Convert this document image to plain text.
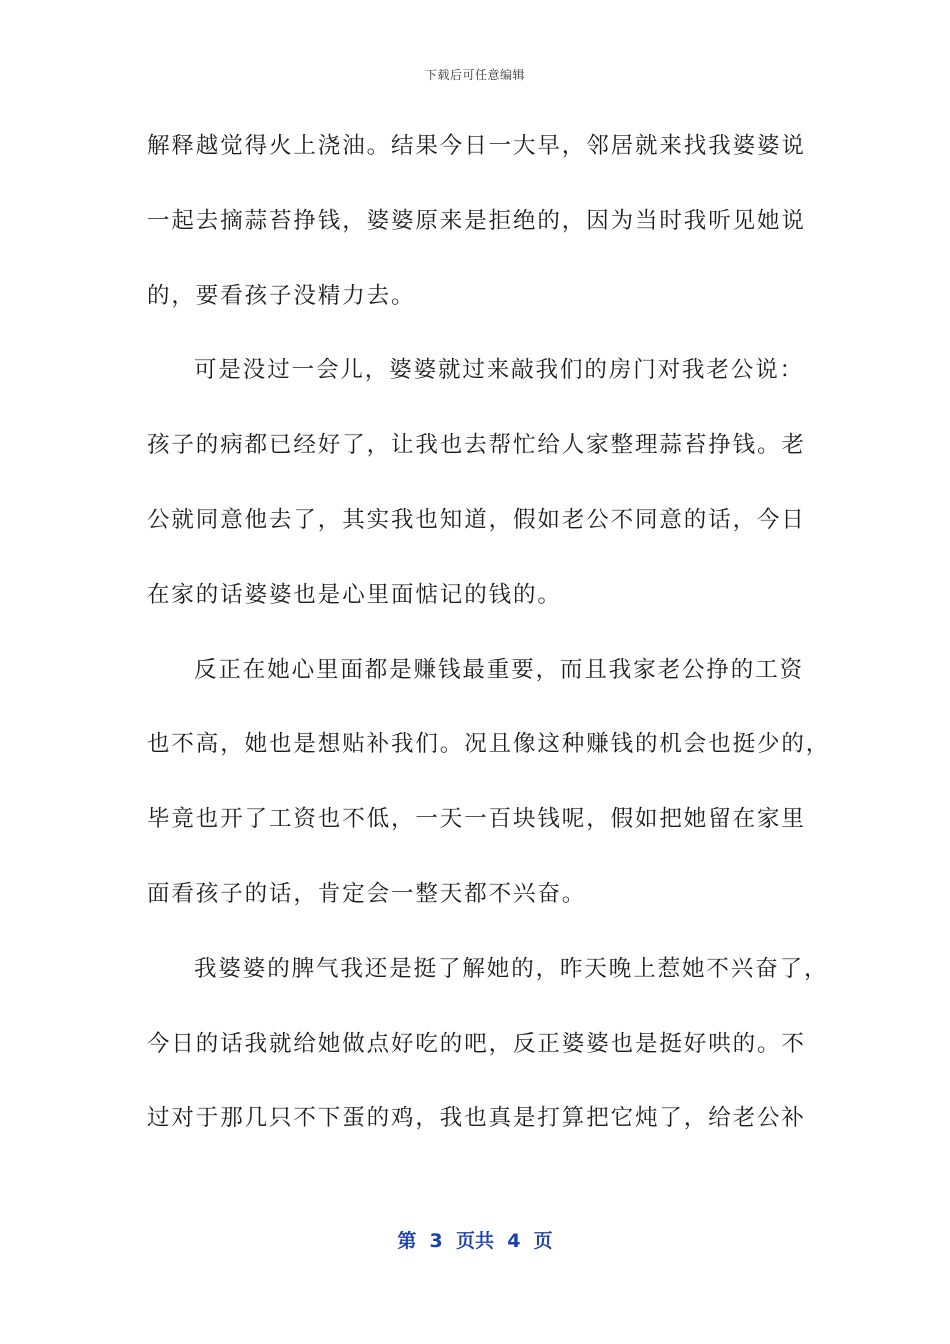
下载后可任意编辑
解释越觉得火上浇油。结果今日一大早，邻居就来找我婆婆说
一起去摘蒜苔挣钱，婆婆原来是拒绝的，因为当时我听见她说
的，要看孩子没精力去。
可是没过一会儿，婆婆就过来敲我们的房门对我老公说：
孩子的病都已经好了，让我也去帮忙给人家整理蒜苔挣钱。老
公就同意他去了，其实我也知道，假如老公不同意的话，今日
在家的话婆婆也是心里面惦记的钱的。
反正在她心里面都是赚钱最重要，而且我家老公挣的工资
也不高，她也是想贴补我们。况且像这种赚钱的机会也挺少的，
毕竟也开了工资也不低，一天一百块钱呢，假如把她留在家里
面看孩子的话，肯定会一整天都不兴奋。
我婆婆的脾气我还是挺了解她的，昨天晚上惹她不兴奋了，
今日的话我就给她做点好吃的吧，反正婆婆也是挺好哄的。不
过对于那几只不下蛋的鸡，我也真是打算把它炖了，给老公补
第  3  页共  4  页
